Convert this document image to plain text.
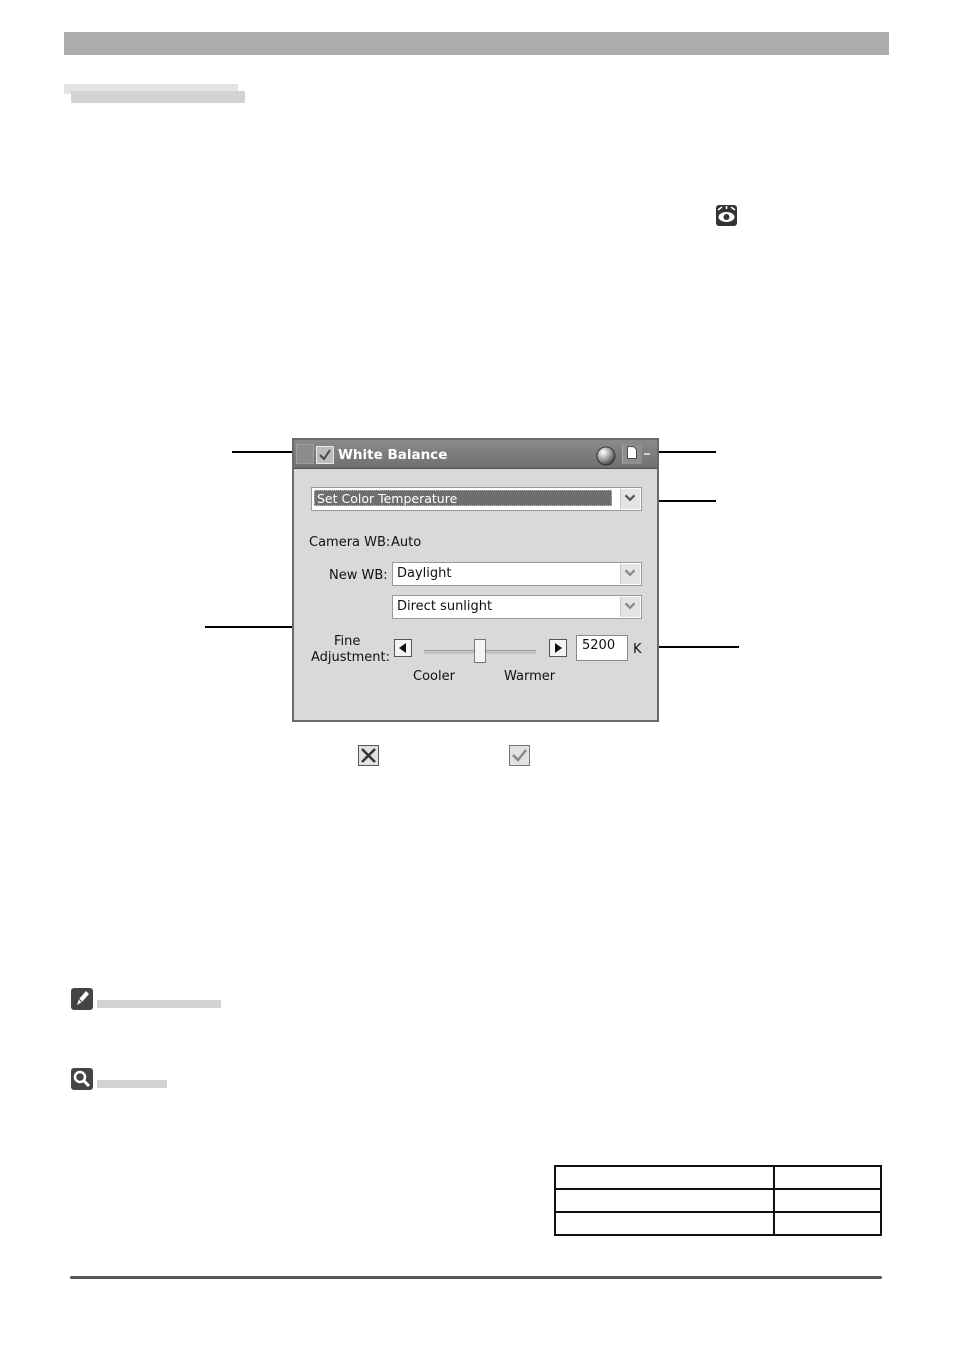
White Balance
Set Color Temperature
Camera WB: Auto
New WB: Daylight
Direct sunlight
Fine
Adjustment:
5200	K
Cooler	Warmer
